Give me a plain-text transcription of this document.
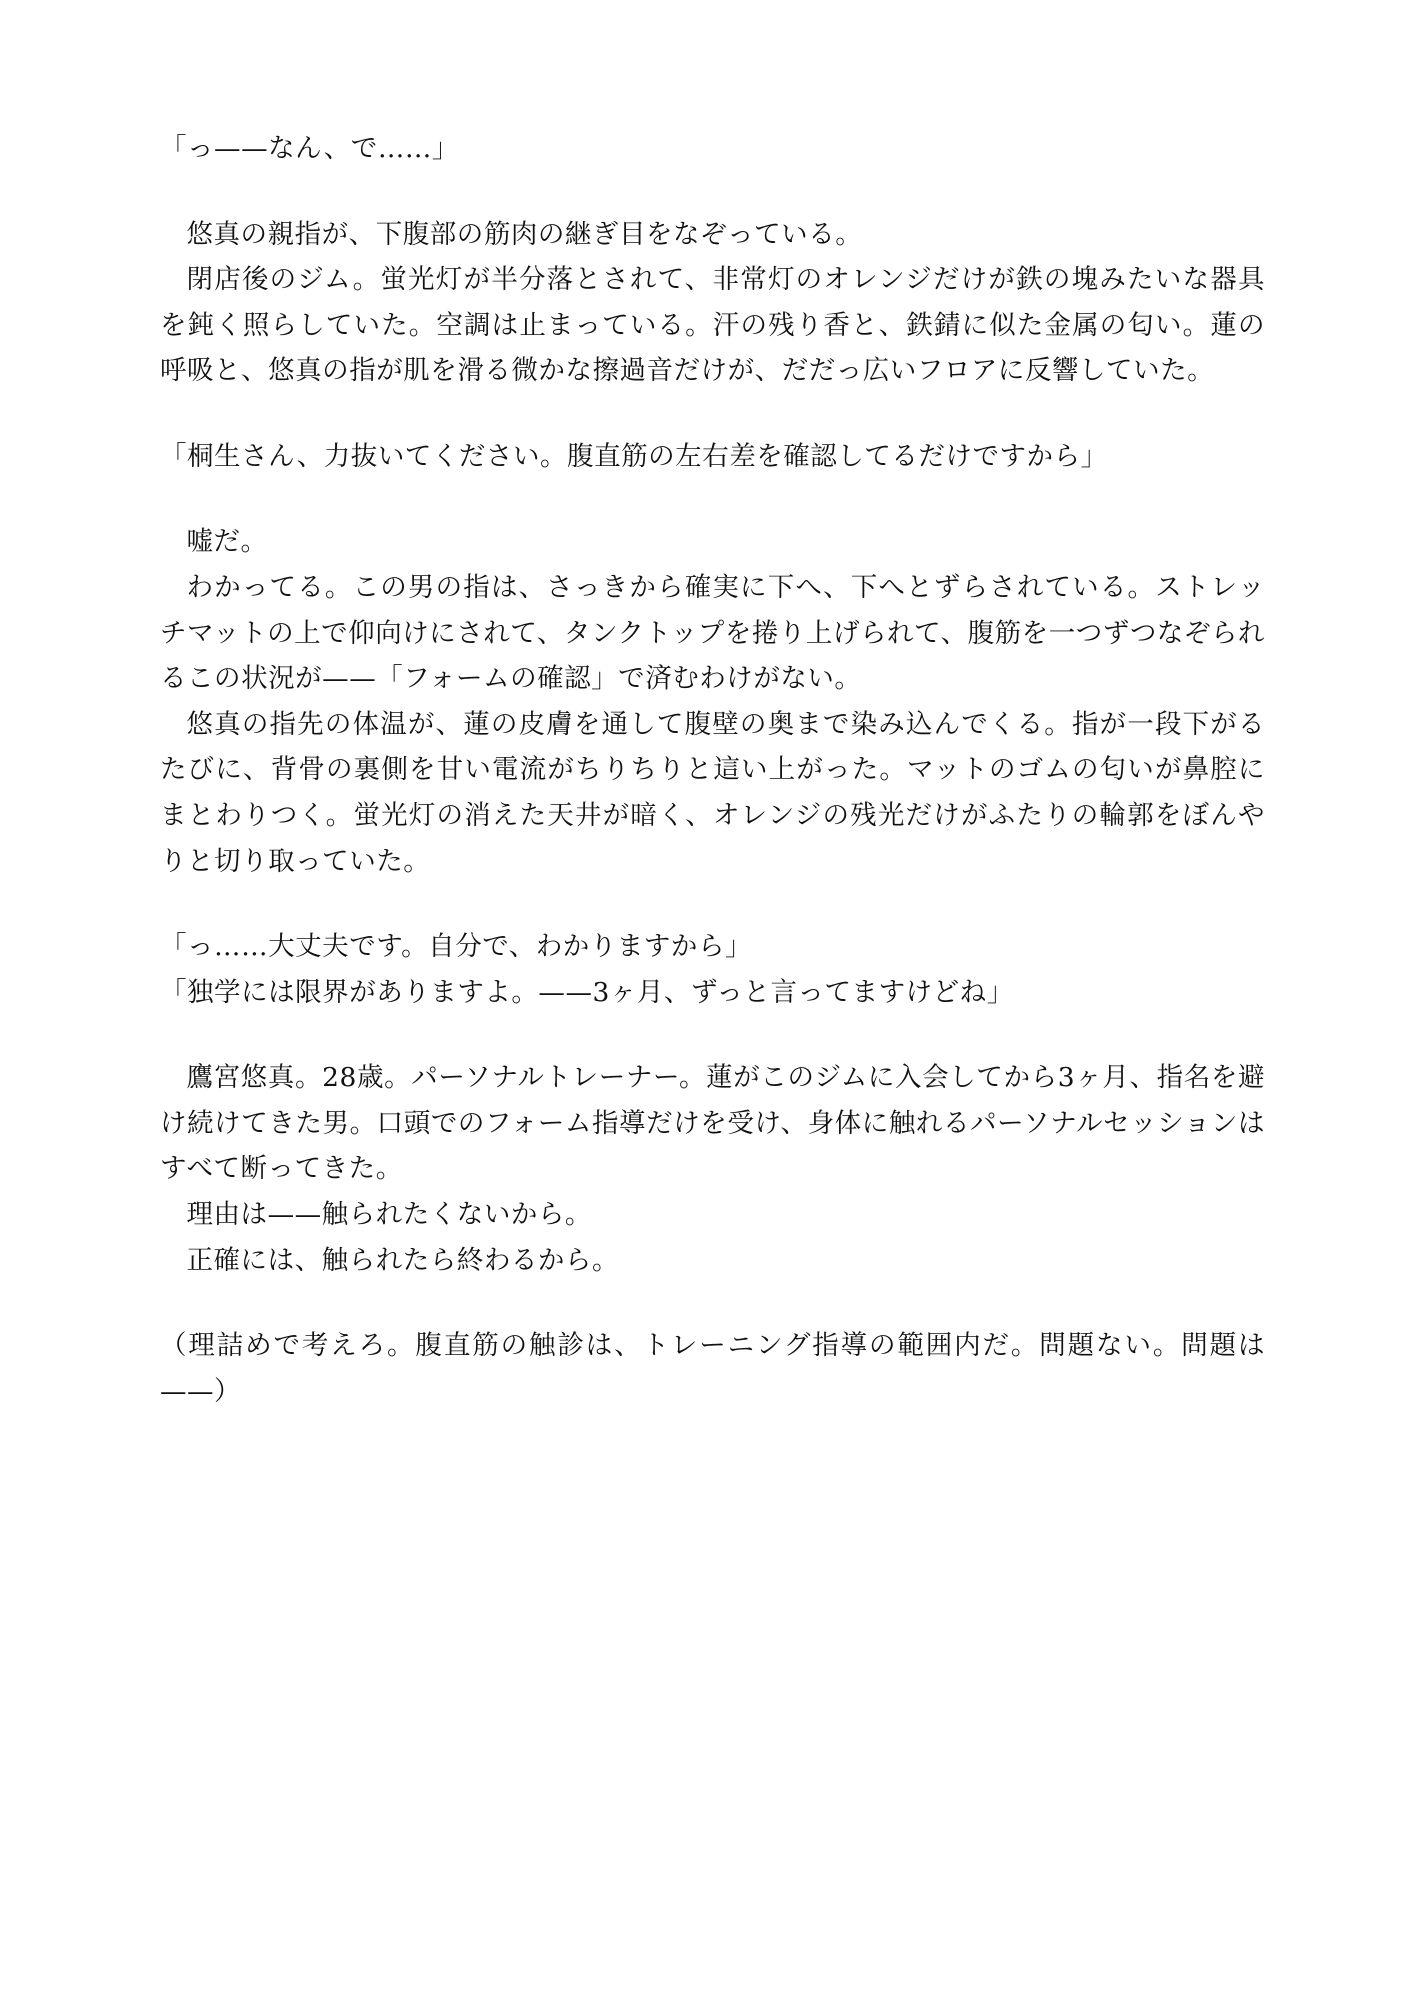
「っ——なん、で……」

悠真の親指が、下腹部の筋肉の継ぎ目をなぞっている。

閉店後のジム。蛍光灯が半分落とされて、非常灯のオレンジだけが鉄の塊みたいな器具を鈍く照らしていた。空調は止まっている。汗の残り香と、鉄錆に似た金属の匂い。蓮の呼吸と、悠真の指が肌を滑る微かな擦過音だけが、だだっ広いフロアに反響していた。

「桐生さん、力抜いてください。腹直筋の左右差を確認してるだけですから」

嘘だ。

わかってる。この男の指は、さっきから確実に下へ、下へとずらされている。ストレッチマットの上で仰向けにされて、タンクトップを捲り上げられて、腹筋を一つずつなぞられるこの状況が——「フォームの確認」で済むわけがない。

悠真の指先の体温が、蓮の皮膚を通して腹壁の奥まで染み込んでくる。指が一段下がるたびに、背骨の裏側を甘い電流がちりちりと這い上がった。マットのゴムの匂いが鼻腔にまとわりつく。蛍光灯の消えた天井が暗く、オレンジの残光だけがふたりの輪郭をぼんやりと切り取っていた。

「っ……大丈夫です。自分で、わかりますから」

「独学には限界がありますよ。——3ヶ月、ずっと言ってますけどね」

鷹宮悠真。28歳。パーソナルトレーナー。蓮がこのジムに入会してから3ヶ月、指名を避け続けてきた男。口頭でのフォーム指導だけを受け、身体に触れるパーソナルセッションはすべて断ってきた。

理由は——触られたくないから。

正確には、触られたら終わるから。

（理詰めで考えろ。腹直筋の触診は、トレーニング指導の範囲内だ。問題ない。問題は——）
